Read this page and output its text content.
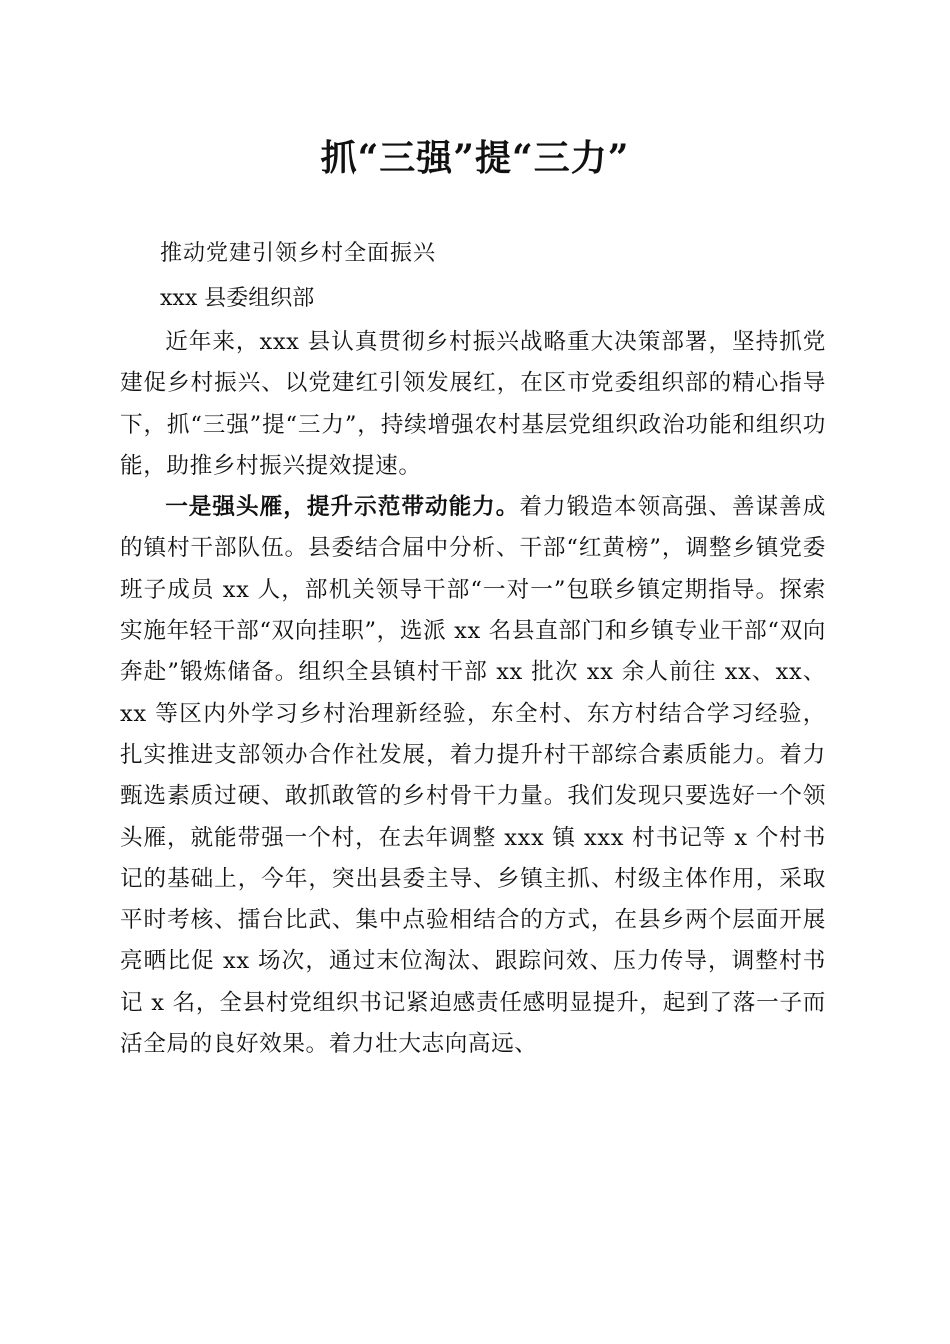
抓“三强”提“三力”

推动党建引领乡村全面振兴

xxx 县委组织部

近年来，xxx 县认真贯彻乡村振兴战略重大决策部署，坚持抓党建促乡村振兴、以党建红引领发展红，在区市党委组织部的精心指导下，抓“三强”提“三力”，持续增强农村基层党组织政治功能和组织功能，助推乡村振兴提效提速。

一是强头雁，提升示范带动能力。着力锻造本领高强、善谋善成的镇村干部队伍。县委结合届中分析、干部“红黄榜”，调整乡镇党委班子成员 xx 人，部机关领导干部“一对一”包联乡镇定期指导。探索实施年轻干部“双向挂职”，选派 xx 名县直部门和乡镇专业干部“双向奔赴”锻炼储备。组织全县镇村干部 xx 批次 xx 余人前往 xx、xx、xx 等区内外学习乡村治理新经验，东全村、东方村结合学习经验，扎实推进支部领办合作社发展，着力提升村干部综合素质能力。着力甄选素质过硬、敢抓敢管的乡村骨干力量。我们发现只要选好一个领头雁，就能带强一个村，在去年调整 xxx 镇 xxx 村书记等 x 个村书记的基础上，今年，突出县委主导、乡镇主抓、村级主体作用，采取平时考核、擂台比武、集中点验相结合的方式，在县乡两个层面开展亮晒比促 xx 场次，通过末位淘汰、跟踪问效、压力传导，调整村书记 x 名，全县村党组织书记紧迫感责任感明显提升，起到了落一子而活全局的良好效果。着力壮大志向高远、
